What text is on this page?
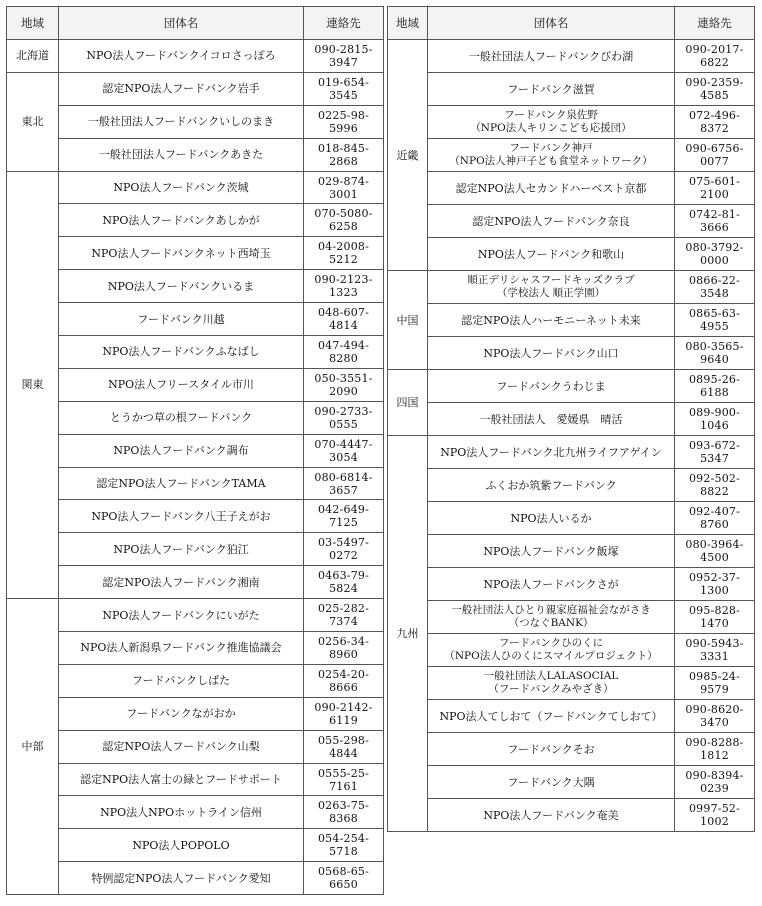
地域	団体名	連絡先
北海道	NPO法人フードバンクイコロさっぽろ	090-2815-3947
東北	認定NPO法人フードバンク岩手	019-654-3545
	一般社団法人フードバンクいしのまき	0225-98-5996
	一般社団法人フードバンクあきた	018-845-2868
関東	NPO法人フードバンク茨城	029-874-3001
	NPO法人フードバンクあしかが	070-5080-6258
	NPO法人フードバンクネット西埼玉	04-2008-5212
	NPO法人フードバンクいるま	090-2123-1323
	フードバンク川越	048-607-4814
	NPO法人フードバンクふなばし	047-494-8280
	NPO法人フリースタイル市川	050-3551-2090
	とうかつ草の根フードバンク	090-2733-0555
	NPO法人フードバンク調布	070-4447-3054
	認定NPO法人フードバンクTAMA	080-6814-3657
	NPO法人フードバンク八王子えがお	042-649-7125
	NPO法人フードバンク狛江	03-5497-0272
	認定NPO法人フードバンク湘南	0463-79-5824
中部	NPO法人フードバンクにいがた	025-282-7374
	NPO法人新潟県フードバンク推進協議会	0256-34-8960
	フードバンクしばた	0254-20-8666
	フードバンクながおか	090-2142-6119
	認定NPO法人フードバンク山梨	055-298-4844
	認定NPO法人富士の緑とフードサポート	0555-25-7161
	NPO法人NPOホットライン信州	0263-75-8368
	NPO法人POPOLO	054-254-5718
	特例認定NPO法人フードバンク愛知	0568-65-6650
地域	団体名	連絡先
近畿	一般社団法人フードバンクびわ湖	090-2017-6822
	フードバンク滋賀	090-2359-4585

	フードバンク泉佐野
（NPO法人キリンこども応援団）	072-496-8372

	フードバンク神戸
（NPO法人神戸子ども食堂ネットワーク）	090-6756-0077
	認定NPO法人セカンドハーベスト京都	075-601-2100
	認定NPO法人フードバンク奈良	0742-81-3666
	NPO法人フードバンク和歌山	080-3792-0000
中国	順正デリシャスフードキッズクラブ
（学校法人 順正学園）	0866-22-3548
	認定NPO法人ハーモニーネット未来	0865-63-4955
	NPO法人フードバンク山口	080-3565-9640
四国	フードバンクうわじま	0895-26-6188
	一般社団法人　愛媛県　晴活	089-900-1046
九州	NPO法人フードバンク北九州ライフアゲイン	093-672-5347
	ふくおか筑紫フードバンク	092-502-8822
	NPO法人いるか	092-407-8760
	NPO法人フードバンク飯塚	080-3964-4500
	NPO法人フードバンクさが	0952-37-1300

	一般社団法人ひとり親家庭福祉会ながさき
（つなぐBANK）	095-828-1470

	フードバンクひのくに
（NPO法人ひのくにスマイルプロジェクト）	090-5943-3331

	一般社団法人LALASOCIAL
（フードバンクみやざき）	0985-24-9579
	NPO法人てしおて（フードバンクてしおて）	090-8620-3470
	フードバンクそお	090-8288-1812
	フードバンク大隅	090-8394-0239
	NPO法人フードバンク奄美	0997-52-1002
